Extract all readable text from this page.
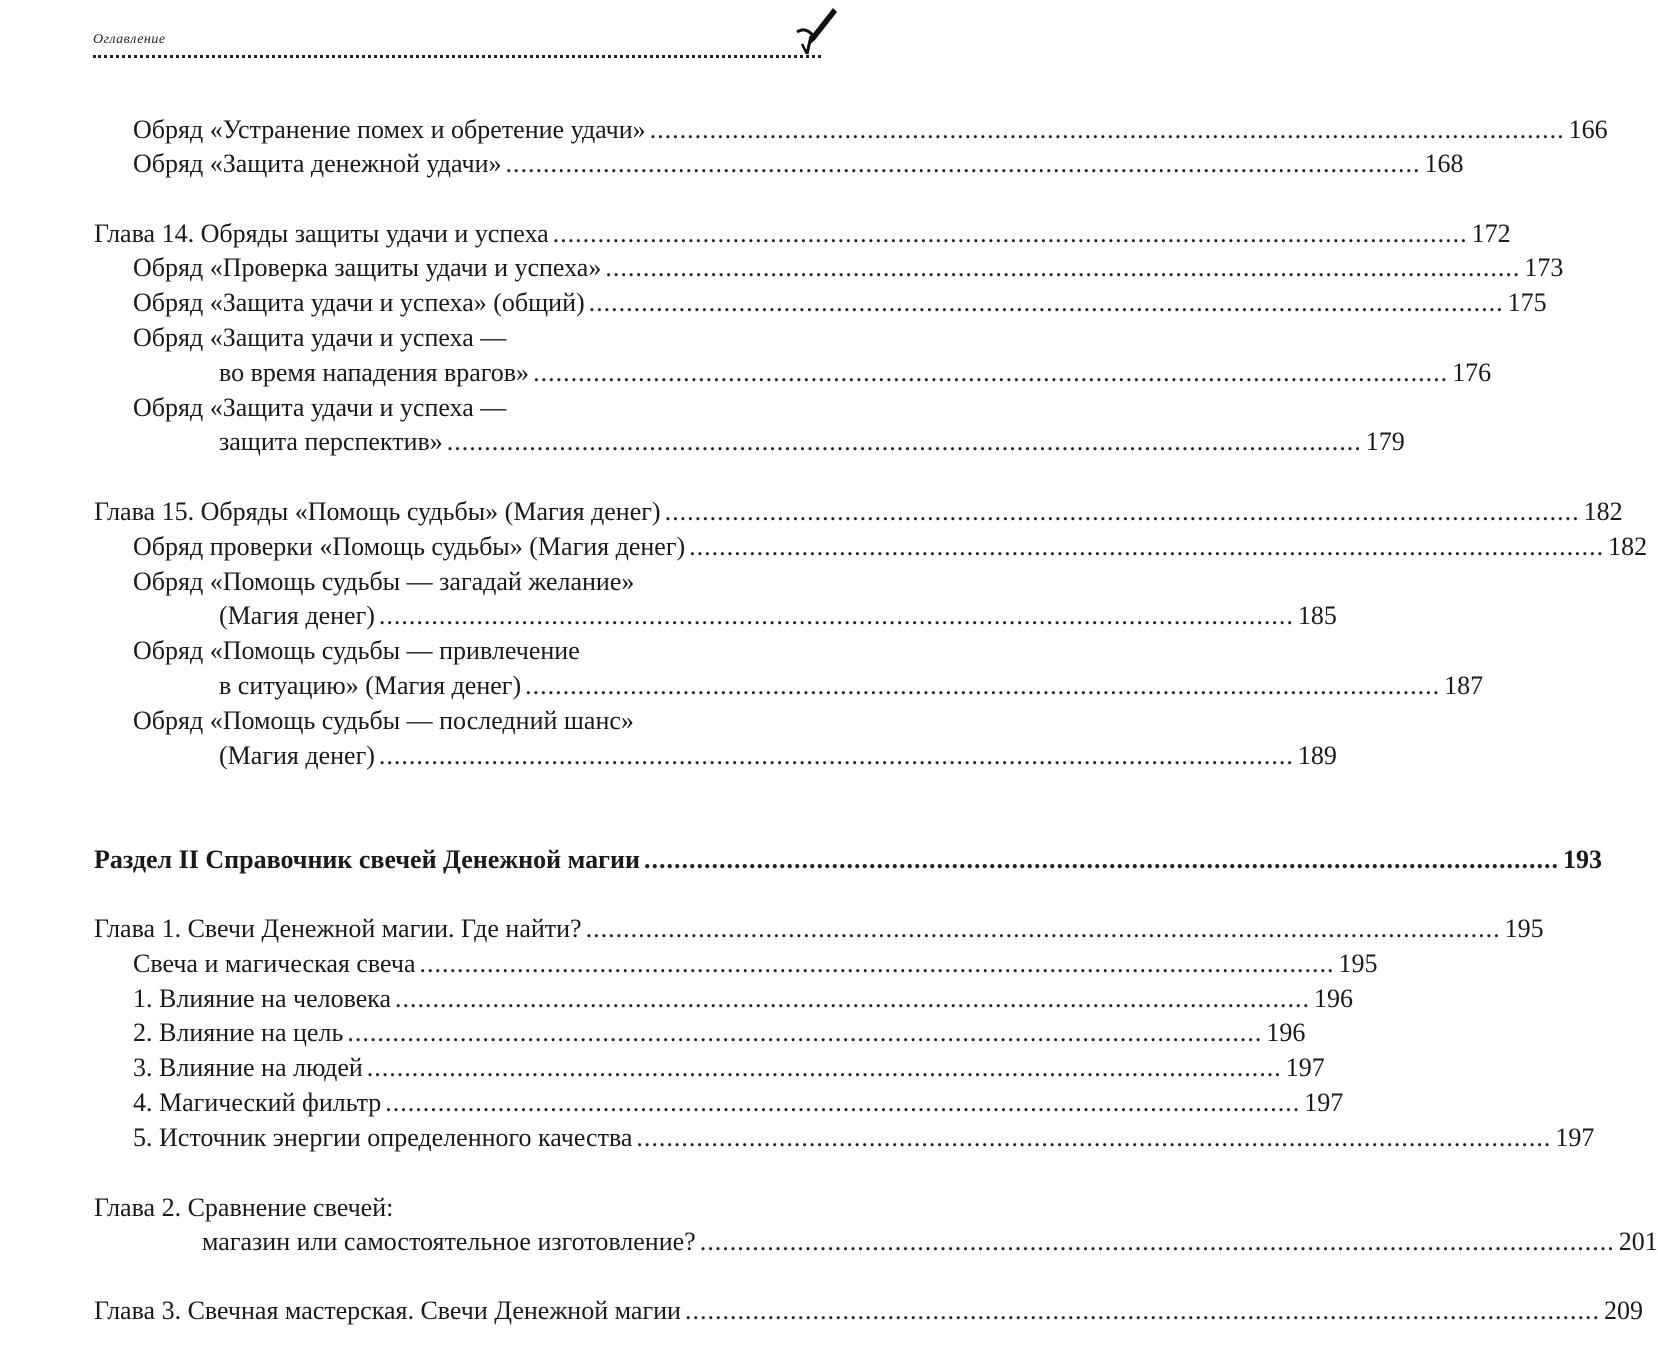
Оглавление
Обряд «Устранение помех и обретение удачи» .......................................................................................................................... 166
Обряд «Защита денежной удачи» .......................................................................................................................... 168
Глава 14. Обряды защиты удачи и успеха .......................................................................................................................... 172
Обряд «Проверка защиты удачи и успеха» .......................................................................................................................... 173
Обряд «Защита удачи и успеха» (общий) .......................................................................................................................... 175
Обряд «Защита удачи и успеха —
во время нападения врагов» .......................................................................................................................... 176
Обряд «Защита удачи и успеха —
защита перспектив» .......................................................................................................................... 179
Глава 15. Обряды «Помощь судьбы» (Магия денег) .......................................................................................................................... 182
Обряд проверки «Помощь судьбы» (Магия денег) .......................................................................................................................... 182
Обряд «Помощь судьбы — загадай желание»
(Магия денег) .......................................................................................................................... 185
Обряд «Помощь судьбы — привлечение
в ситуацию» (Магия денег) .......................................................................................................................... 187
Обряд «Помощь судьбы — последний шанс»
(Магия денег) .......................................................................................................................... 189
Раздел II Справочник свечей Денежной магии .......................................................................................................................... 193
Глава 1. Свечи Денежной магии. Где найти? .......................................................................................................................... 195
Свеча и магическая свеча .......................................................................................................................... 195
1. Влияние на человека .......................................................................................................................... 196
2. Влияние на цель .......................................................................................................................... 196
3. Влияние на людей .......................................................................................................................... 197
4. Магический фильтр .......................................................................................................................... 197
5. Источник энергии определенного качества .......................................................................................................................... 197
Глава 2. Сравнение свечей:
магазин или самостоятельное изготовление? .......................................................................................................................... 201
Глава 3. Свечная мастерская. Свечи Денежной магии .......................................................................................................................... 209
